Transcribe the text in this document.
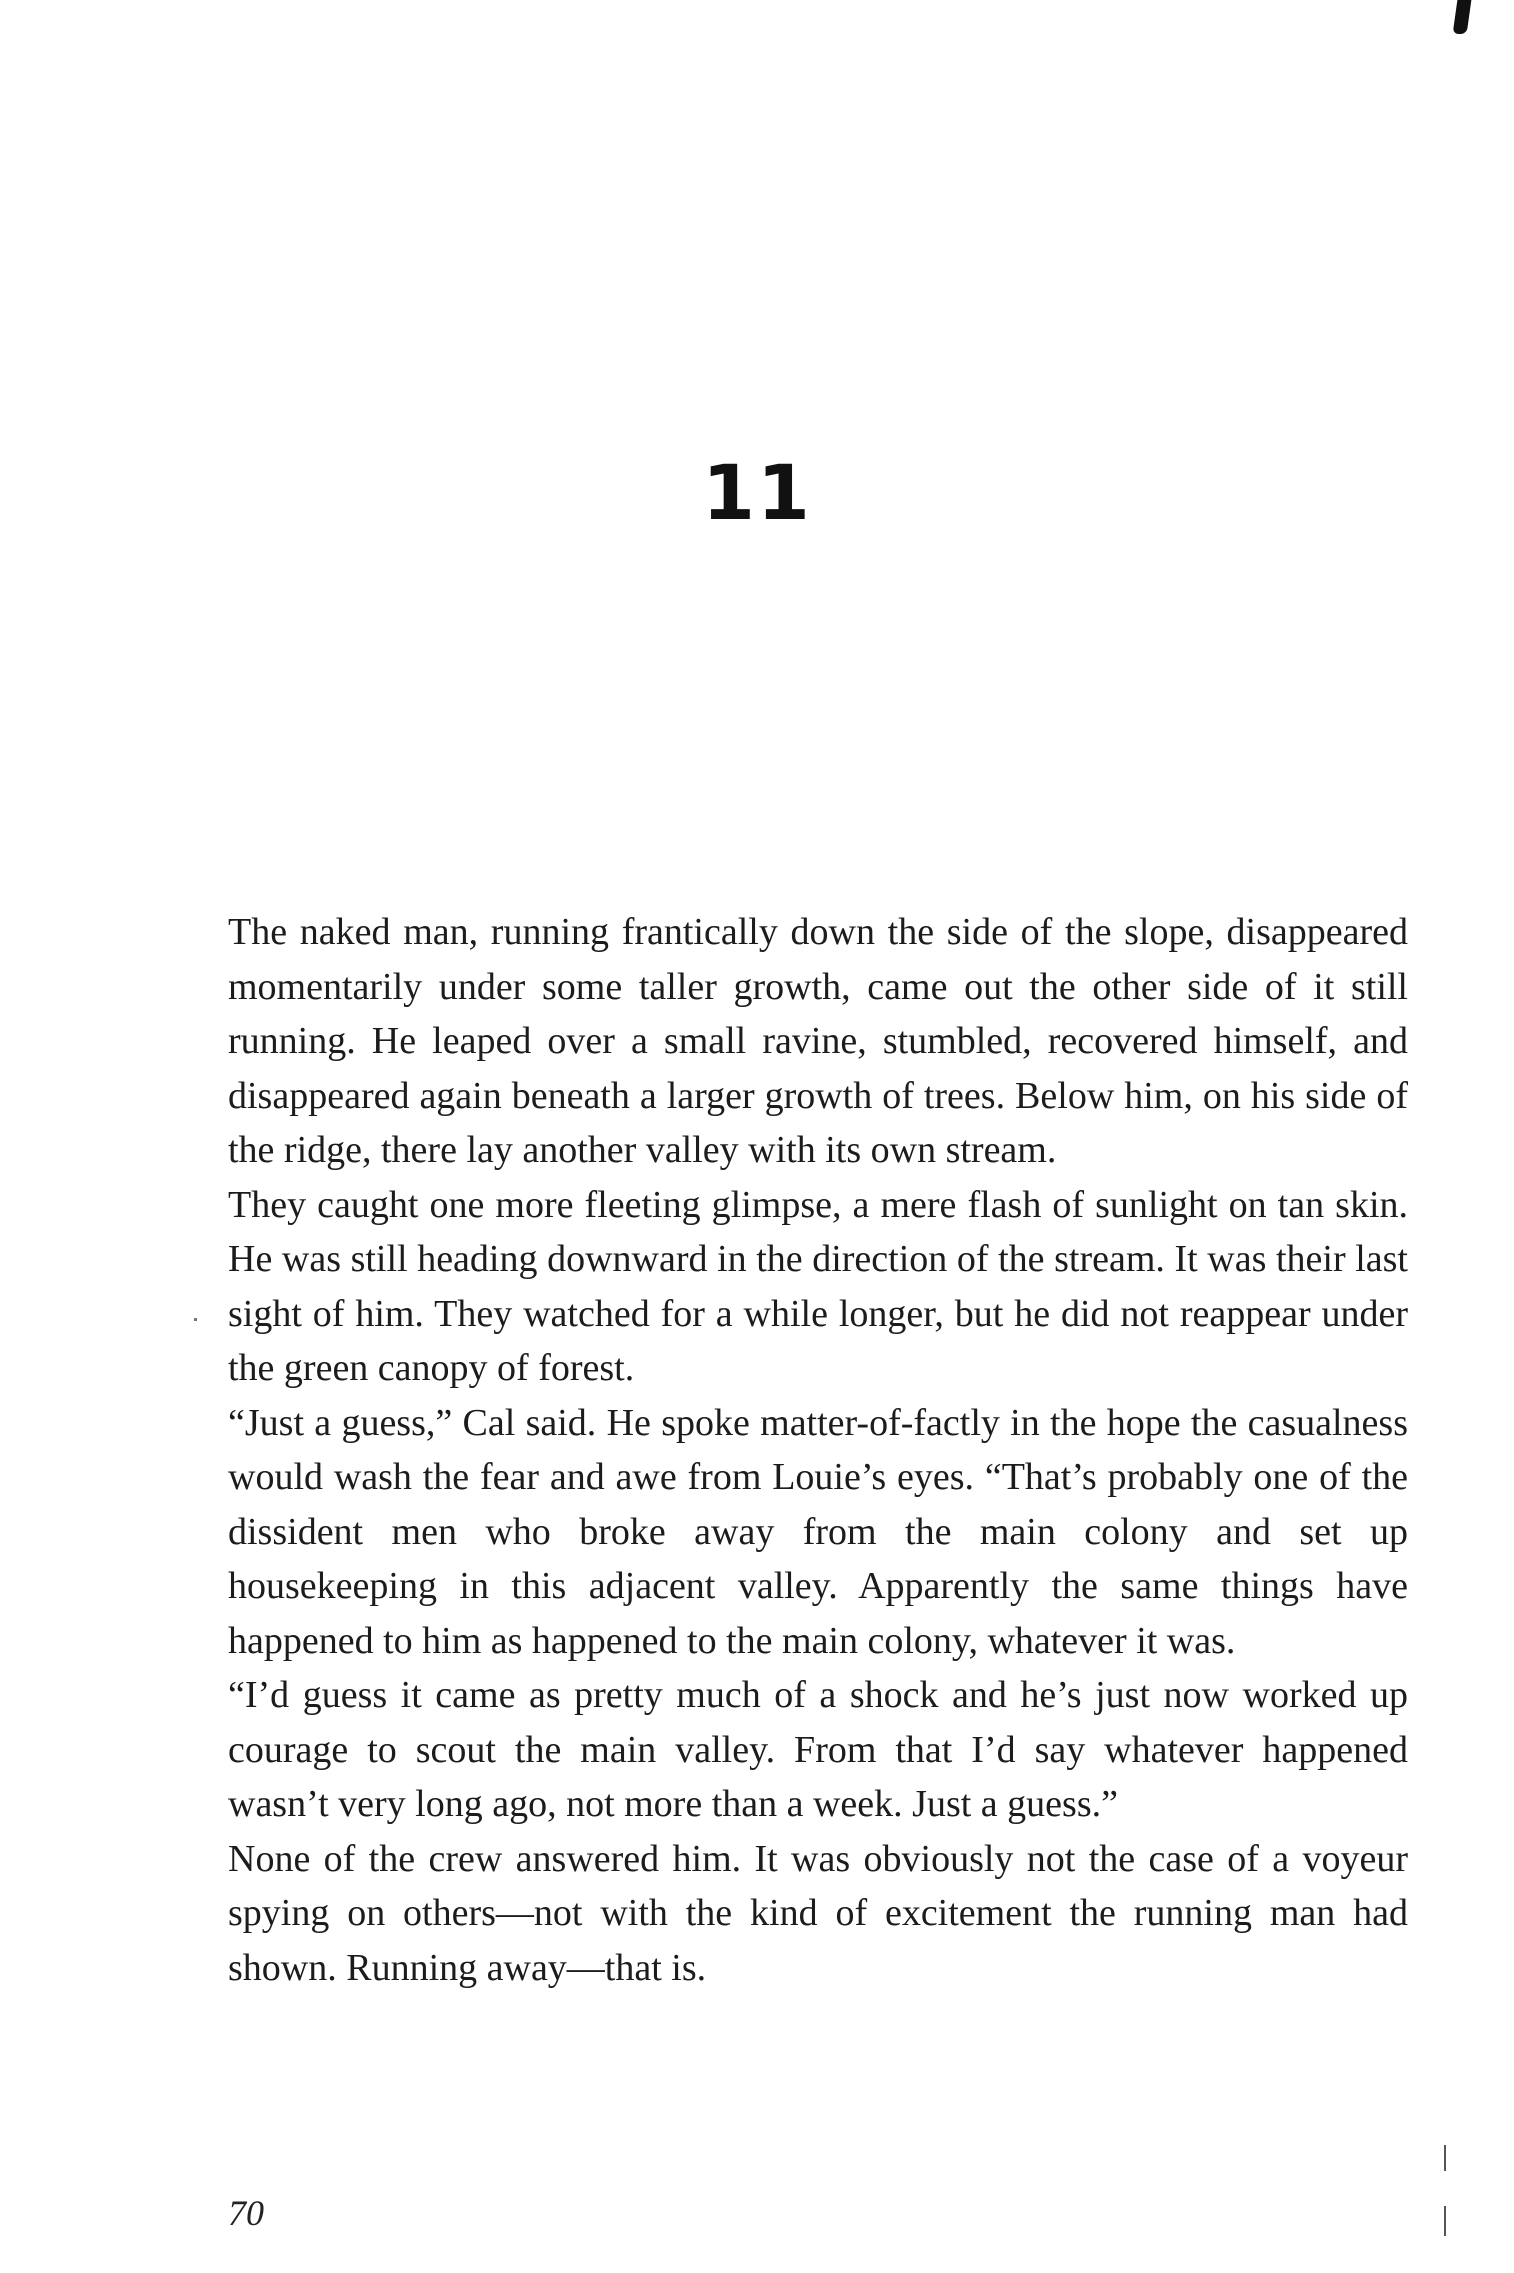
11

The naked man, running frantically down the side of the slope, disappeared momentarily under some taller growth, came out the other side of it still running. He leaped over a small ravine, stumbled, recovered himself, and disappeared again beneath a larger growth of trees. Below him, on his side of the ridge, there lay another valley with its own stream.

They caught one more fleeting glimpse, a mere flash of sunlight on tan skin. He was still heading downward in the direction of the stream. It was their last sight of him. They watched for a while longer, but he did not reappear under the green canopy of forest.

“Just a guess,” Cal said. He spoke matter-of-factly in the hope the casualness would wash the fear and awe from Louie’s eyes. “That’s probably one of the dissident men who broke away from the main colony and set up housekeeping in this adjacent valley. Apparently the same things have happened to him as happened to the main colony, whatever it was.

“I’d guess it came as pretty much of a shock and he’s just now worked up courage to scout the main valley. From that I’d say whatever happened wasn’t very long ago, not more than a week. Just a guess.”

None of the crew answered him. It was obviously not the case of a voyeur spying on others—not with the kind of excitement the running man had shown. Running away—that is.

70
